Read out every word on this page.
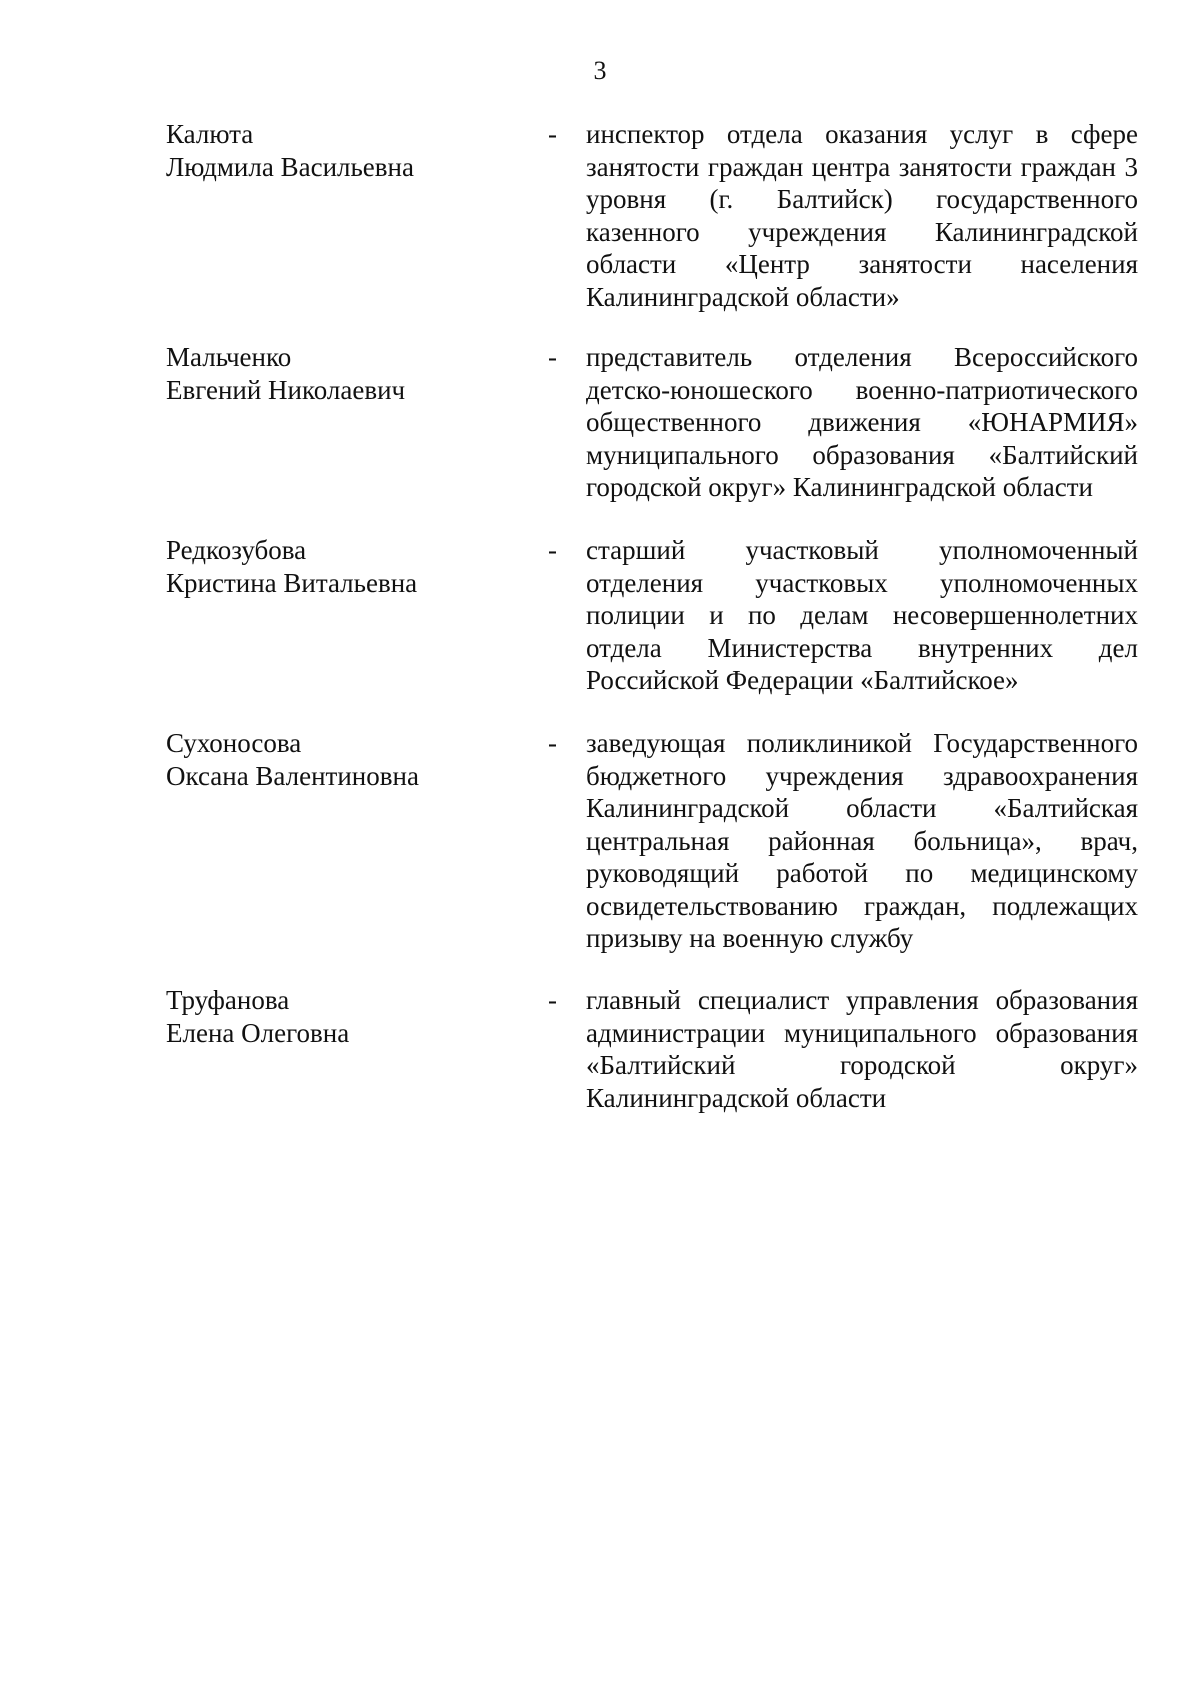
3
Калюта
Людмила Васильевна
- инспектор отдела оказания услуг в сфере занятости граждан центра занятости граждан 3 уровня (г. Балтийск) государственного казенного учреждения Калининградской области «Центр занятости населения Калининградской области»
Мальченко
Евгений Николаевич
- представитель отделения Всероссийского детско-юношеского военно-патриотического общественного движения «ЮНАРМИЯ» муниципального образования «Балтийский городской округ» Калининградской области
Редкозубова
Кристина Витальевна
- старший участковый уполномоченный отделения участковых уполномоченных полиции и по делам несовершеннолетних отдела Министерства внутренних дел Российской Федерации «Балтийское»
Сухоносова
Оксана Валентиновна
- заведующая поликлиникой Государственного бюджетного учреждения здравоохранения Калининградской области «Балтийская центральная районная больница», врач, руководящий работой по медицинскому освидетельствованию граждан, подлежащих призыву на военную службу
Труфанова
Елена Олеговна
- главный специалист управления образования администрации муниципального образования «Балтийский городской округ» Калининградской области
